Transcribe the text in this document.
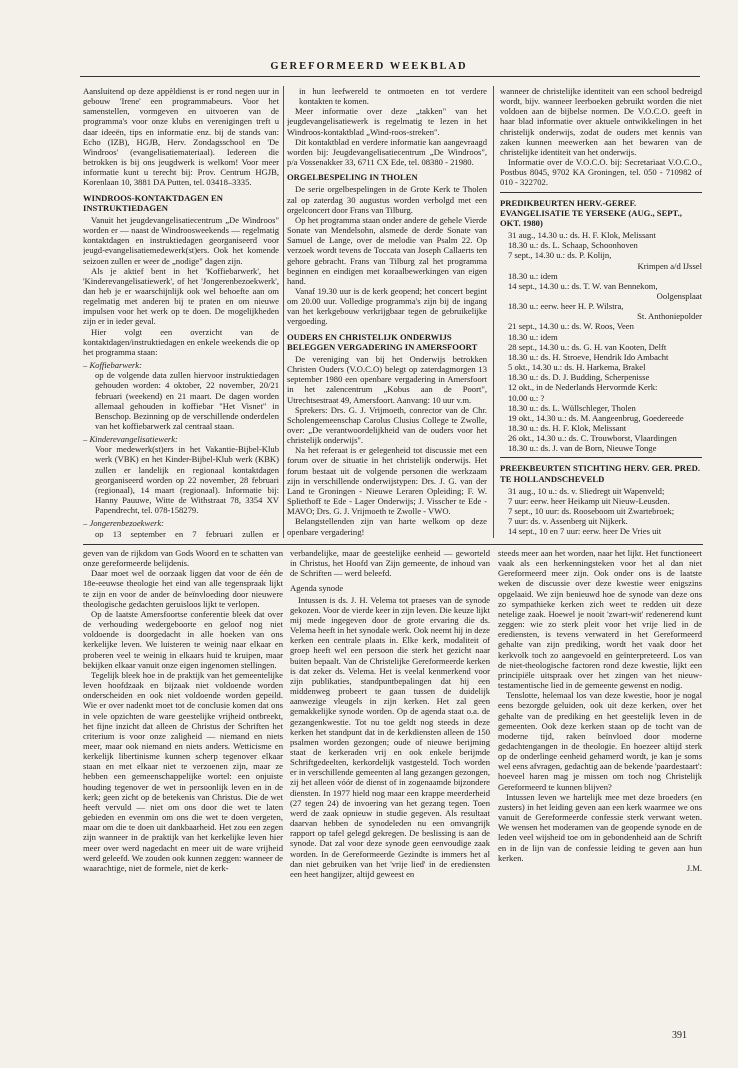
GEREFORMEERD WEEKBLAD

Aansluitend op deze appèldienst is er rond negen uur in gebouw 'Irene' een programmabeurs. Voor het samenstellen, vormgeven en uitvoeren van de programma's voor onze klubs en verenigingen treft u daar ideeën, tips en informatie enz. bij de stands van: Echo (IZB), HGJB, Herv. Zondagsschool en 'De Windroos' (evangelisatiemateriaal). Iedereen die betrokken is bij ons jeugdwerk is welkom! Voor meer informatie kunt u terecht bij: Prov. Centrum HGJB, Korenlaan 10, 3881 DA Putten, tel. 03418–3335.

WINDROOS-KONTAKTDAGEN EN INSTRUKTIEDAGEN

Vanuit het jeugdevangelisatiecentrum „De Windroos" worden er — naast de Windroosweekends — regelmatig kontaktdagen en instruktiedagen georganiseerd voor jeugd-evangelisatiemedewerk(st)ers. Ook het komende seizoen zullen er weer de „nodige" dagen zijn.

Als je aktief bent in het 'Koffiebarwerk', het 'Kinderevangelisatiewerk', of het 'Jongerenbezoekwerk', dan heb je er waarschijnlijk ook wel behoefte aan om regelmatig met anderen bij te praten en om nieuwe impulsen voor het werk op te doen. De mogelijkheden zijn er in ieder geval.

Hier volgt een overzicht van de kontaktdagen/instruktiedagen en enkele weekends die op het programma staan:

– Koffiebarwerk:

op de volgende data zullen hiervoor instruktiedagen gehouden worden: 4 oktober, 22 november, 20/21 februari (weekend) en 21 maart. De dagen worden allemaal gehouden in koffiebar "Het Visnet" in Benschop. Bezinning op de verschillende onderdelen van het koffiebarwerk zal centraal staan.

– Kinderevangelisatiewerk:

Voor medewerk(st)ers in het Vakantie-Bijbel-Klub werk (VBK) en het Kinder-Bijbel-Klub werk (KBK) zullen er landelijk en regionaal kontaktdagen georganiseerd worden op 22 november, 28 februari (regionaal), 14 maart (regionaal). Informatie bij: Hanny Pauuwe, Witte de Withstraat 78, 3354 XV Papendrecht, tel. 078-158279.

– Jongerenbezoekwerk:

op 13 september en 7 februari zullen er

in hun leefwereld te ontmoeten en tot verdere kontakten te komen.

Meer informatie over deze „takken" van het jeugdevangelisatiewerk is regelmatig te lezen in het Windroos-kontaktblad „Wind-roos-streken".

Dit kontaktblad en verdere informatie kan aangevraagd worden bij: Jeugdevangelisatiecentrum „De Windroos", p/a Vossenakker 33, 6711 CX Ede, tel. 08380 - 21980.

ORGELBESPELING IN THOLEN

De serie orgelbespelingen in de Grote Kerk te Tholen zal op zaterdag 30 augustus worden verbolgd met een orgelconcert door Frans van Tilburg.

Op het programma staan onder andere de gehele Vierde Sonate van Mendelsohn, alsmede de derde Sonate van Samuel de Lange, over de melodie van Psalm 22. Op verzoek wordt tevens de Toccata van Joseph Callaerts ten gehore gebracht. Frans van Tilburg zal het programma beginnen en eindigen met koraalbewerkingen van eigen hand.

Vanaf 19.30 uur is de kerk geopend; het concert begint om 20.00 uur. Volledige programma's zijn bij de ingang van het kerkgebouw verkrijgbaar tegen de gebruikelijke vergoeding.

OUDERS EN CHRISTELIJK ONDERWIJS BELEGGEN VERGADERING IN AMERSFOORT

De vereniging van bij het Onderwijs betrokken Christen Ouders (V.O.C.O) belegt op zaterdagmorgen 13 september 1980 een openbare vergadering in Amersfoort in het zalencentrum „Kobus aan de Poort", Utrechtsestraat 49, Amersfoort. Aanvang: 10 uur v.m.

Sprekers: Drs. G. J. Vrijmoeth, conrector van de Chr. Scholengemeenschap Carolus Clusius College te Zwolle, over: „De verantwoordelijkheid van de ouders voor het christelijk onderwijs".

Na het referaat is er gelegenheid tot discussie met een forum over de situatie in het christelijk onderwijs. Het forum bestaat uit de volgende personen die werkzaam zijn in verschillende onderwijstypen: Drs. J. G. van der Land te Groningen - Nieuwe Leraren Opleiding; F. W. Spliethoff te Ede - Lager Onderwijs; J. Visscher te Ede - MAVO; Drs. G. J. Vrijmoeth te Zwolle - VWO.

Belangstellenden zijn van harte welkom op deze openbare vergadering!

wanneer de christelijke identiteit van een school bedreigd wordt, bijv. wanneer leerboeken gebruikt worden die niet voldoen aan de bijbelse normen. De V.O.C.O. geeft in haar blad informatie over aktuele ontwikkelingen in het christelijk onderwijs, zodat de ouders met kennis van zaken kunnen meewerken aan het bewaren van de christelijke identiteit van het onderwijs.

Informatie over de V.O.C.O. bij: Secretariaat V.O.C.O., Postbus 8045, 9702 KA Groningen, tel. 050 - 710982 of 010 - 322702.

PREDIKBEURTEN HERV.-GEREF. EVANGELISATIE TE YERSEKE (AUG., SEPT., OKT. 1980)

31 aug., 14.30 u.: ds. H. F. Klok, Melissant

18.30 u.: ds. L. Schaap, Schoonhoven

7 sept., 14.30 u.: ds. P. Kolijn,

Krimpen a/d IJssel

18.30 u.: idem

14 sept., 14.30 u.: ds. T. W. van Bennekom,

Oolgensplaat

18.30 u.: eerw. heer H. P. Wilstra,

St. Anthoniepolder

21 sept., 14.30 u.: ds. W. Roos, Veen

18.30 u.: idem

28 sept., 14.30 u.: ds. G. H. van Kooten, Delft

18.30 u.: ds. H. Stroeve, Hendrik Ido Ambacht

5 okt., 14.30 u.: ds. H. Harkema, Brakel

18.30 u.: ds. D. J. Budding, Scherpenisse

12 okt., in de Nederlands Hervormde Kerk:

10.00 u.: ?

18.30 u.: ds. L. Wüllschleger, Tholen

19 okt., 14.30 u.: ds. M. Aangeenbrug, Goedereede

18.30 u.: ds. H. F. Klok, Melissant

26 okt., 14.30 u.: ds. C. Trouwborst, Vlaardingen

18.30 u.: ds. J. van de Born, Nieuwe Tonge

PREEKBEURTEN STICHTING HERV. GER. PRED. TE HOLLANDSCHEVELD

31 aug., 10 u.: ds. v. Sliedregt uit Wapenveld;

7 uur: eerw. heer Heikamp uit Nieuw-Leusden.

7 sept., 10 uur: ds. Rooseboom uit Zwartebroek;

7 uur: ds. v. Assenberg uit Nijkerk.

14 sept., 10 en 7 uur: eerw. heer De Vries uit

geven van de rijkdom van Gods Woord en te schatten van onze gereformeerde belijdenis.

Daar moet wel de oorzaak liggen dat voor de één de 18e-eeuwse theologie het eind van alle tegenspraak lijkt te zijn en voor de ander de beïnvloeding door nieuwere theologische gedachten geruisloos lijkt te verlopen.

Op de laatste Amersfoortse conferentie bleek dat over de verhouding wedergeboorte en geloof nog niet voldoende is doorgedacht in alle hoeken van ons kerkelijke leven. We luisteren te weinig naar elkaar en proberen veel te weinig in elkaars huid te kruipen, maar bekijken elkaar vanuit onze eigen ingenomen stellingen.

Tegelijk bleek hoe in de praktijk van het gemeentelijke leven hoofdzaak en bijzaak niet voldoende worden onderscheiden en ook niet voldoende worden gepeild. Wie er over nadenkt moet tot de conclusie komen dat ons in vele opzichten de ware geestelijke vrijheid ontbreekt, het fijne inzicht dat alleen de Christus der Schriften het criterium is voor onze zaligheid — niemand en niets meer, maar ook niemand en niets anders. Wetticisme en kerkelijk libertinisme kunnen scherp tegenover elkaar staan en met elkaar niet te verzoenen zijn, maar ze hebben een gemeenschappelijke wortel: een onjuiste houding tegenover de wet in persoonlijk leven en in de kerk; geen zicht op de betekenis van Christus. Die de wet heeft vervuld — niet om ons door die wet te laten gebieden en evenmin om ons die wet te doen vergeten, maar om die te doen uit dankbaarheid. Het zou een zegen zijn wanneer in de praktijk van het kerkelijke leven hier meer over werd nagedacht en meer uit de ware vrijheid werd geleefd. We zouden ook kunnen zeggen: wanneer de waarachtige, niet de formele, niet de kerk-

verbandelijke, maar de geestelijke eenheid — geworteld in Christus, het Hoofd van Zijn gemeente, de inhoud van de Schriften — werd beleefd.

Agenda synode

Intussen is ds. J. H. Velema tot praeses van de synode gekozen. Voor de vierde keer in zijn leven. Die keuze lijkt mij mede ingegeven door de grote ervaring die ds. Velema heeft in het synodale werk. Ook neemt hij in deze kerken een centrale plaats in. Elke kerk, modaliteit of groep heeft wel een persoon die sterk het gezicht naar buiten bepaalt. Van de Christelijke Gereformeerde kerken is dat zeker ds. Velema. Het is veelal kenmerkend voor zijn publikaties, standpuntbepalingen dat hij een middenweg probeert te gaan tussen de duidelijk aanwezige vleugels in zijn kerken. Het zal geen gemakkelijke synode worden. Op de agenda staat o.a. de gezangenkwestie. Tot nu toe geldt nog steeds in deze kerken het standpunt dat in de kerkdiensten alleen de 150 psalmen worden gezongen; oude of nieuwe berijming staat de kerkeraden vrij en ook enkele berijmde Schriftgedeelten, kerkordelijk vastgesteld. Toch worden er in verschillende gemeenten al lang gezangen gezongen, zij het alleen vóór de dienst of in zogenaamde bijzondere diensten. In 1977 hield nog maar een krappe meerderheid (27 tegen 24) de invoering van het gezang tegen. Toen werd de zaak opnieuw in studie gegeven. Als resultaat daarvan hebben de synodeleden nu een omvangrijk rapport op tafel gelegd gekregen. De beslissing is aan de synode. Dat zal voor deze synode geen eenvoudige zaak worden. In de Gereformeerde Gezindte is immers het al dan niet gebruiken van het 'vrije lied' in de erediensten een heet hangijzer, altijd geweest en

steeds meer aan het worden, naar het lijkt. Het functioneert vaak als een herkenningsteken voor het al dan niet Gereformeerd meer zijn. Ook onder ons is de laatste weken de discussie over deze kwestie weer enigszins opgelaaid. We zijn benieuwd hoe de synode van deze ons zo sympathieke kerken zich weet te redden uit deze netelige zaak. Hoewel je nooit 'zwart-wit' redenerend kunt zeggen: wie zo sterk pleit voor het vrije lied in de erediensten, is tevens verwaterd in het Gereformeerd gehalte van zijn prediking, wordt het vaak door het kerkvolk toch zo aangevoeld en geïnterpreteerd. Los van de niet-theologische factoren rond deze kwestie, lijkt een principiële uitspraak over het zingen van het nieuw-testamentische lied in de gemeente gewenst en nodig.

Tenslotte, helemaal los van deze kwestie, hoor je nogal eens bezorgde geluiden, ook uit deze kerken, over het gehalte van de prediking en het geestelijk leven in de gemeenten. Ook deze kerken staan op de tocht van de moderne tijd, raken beïnvloed door moderne gedachtengangen in de theologie. En hoezeer altijd sterk op de onderlinge eenheid gehamerd wordt, je kan je soms wel eens afvragen, gedachtig aan de bekende 'paardestaart': hoeveel haren mag je missen om toch nog Christelijk Gereformeerd te kunnen blijven?

Intussen leven we hartelijk mee met deze broeders (en zusters) in het leiding geven aan een kerk waarmee we ons vanuit de Gereformeerde confessie sterk verwant weten. We wensen het moderamen van de geopende synode en de leden veel wijsheid toe om in gebondenheid aan de Schrift en in de lijn van de confessie leiding te geven aan hun kerken.

J.M.

391
